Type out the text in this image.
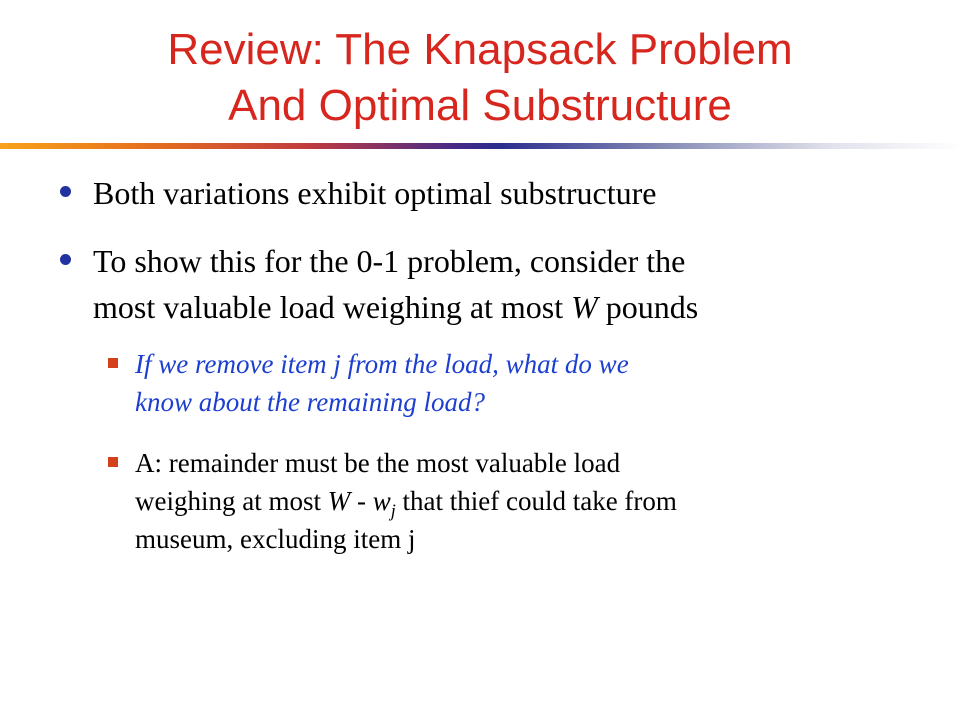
Review: The Knapsack Problem
And Optimal Substructure
Both variations exhibit optimal substructure
To show this for the 0-1 problem, consider the
most valuable load weighing at most W pounds
If we remove item j from the load, what do we
know about the remaining load?
A: remainder must be the most valuable load
weighing at most W - $w_j$ that thief could take from
museum, excluding item j
